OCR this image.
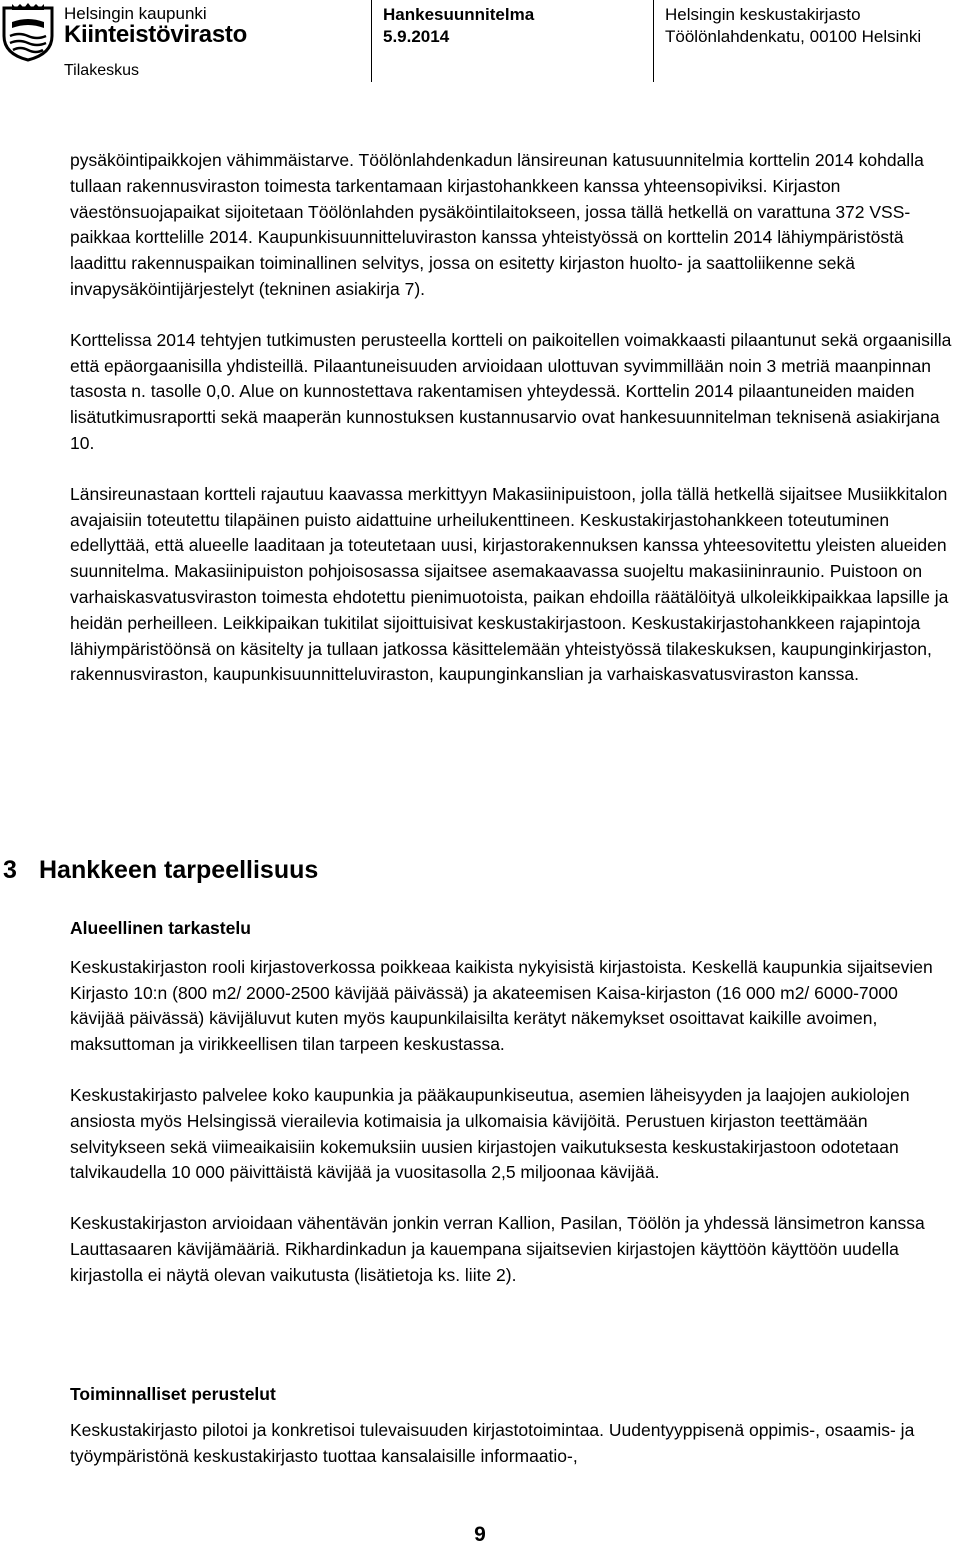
Helsingin kaupunki
Kiinteistövirasto
Tilakeskus
Hankesuunnitelma
5.9.2014
Helsingin keskustakirjasto
Töölönlahdenkatu, 00100 Helsinki

pysäköintipaikkojen vähimmäistarve. Töölönlahdenkadun länsireunan katusuunnitelmia korttelin 2014 kohdalla tullaan rakennusviraston toimesta tarkentamaan kirjastohankkeen kanssa yhteensopiviksi. Kirjaston väestönsuojapaikat sijoitetaan Töölönlahden pysäköintilaitokseen, jossa tällä hetkellä on varattuna 372 VSS-paikkaa korttelille 2014. Kaupunkisuunnitteluviraston kanssa yhteistyössä on korttelin 2014 lähiympäristöstä laadittu rakennuspaikan toiminallinen selvitys, jossa on esitetty kirjaston huolto- ja saattoliikenne sekä invapysäköintijärjestelyt (tekninen asiakirja 7).

Korttelissa 2014 tehtyjen tutkimusten perusteella kortteli on paikoitellen voimakkaasti pilaantunut sekä orgaanisilla että epäorgaanisilla yhdisteillä. Pilaantuneisuuden arvioidaan ulottuvan syvimmillään noin 3 metriä maanpinnan tasosta n. tasolle 0,0. Alue on kunnostettava rakentamisen yhteydessä. Korttelin 2014 pilaantuneiden maiden lisätutkimusraportti sekä maaperän kunnostuksen kustannusarvio ovat hankesuunnitelman teknisenä asiakirjana 10.

Länsireunastaan kortteli rajautuu kaavassa merkittyyn Makasiinipuistoon, jolla tällä hetkellä sijaitsee Musiikkitalon avajaisiin toteutettu tilapäinen puisto aidattuine urheilukenttineen. Keskustakirjastohankkeen toteutuminen edellyttää, että alueelle laaditaan ja toteutetaan uusi, kirjastorakennuksen kanssa yhteesovitettu yleisten alueiden suunnitelma. Makasiinipuiston pohjoisosassa sijaitsee asemakaavassa suojeltu makasiininraunio. Puistoon on varhaiskasvatusviraston toimesta ehdotettu pienimuotoista, paikan ehdoilla räätälöityä ulkoleikkipaikkaa lapsille ja heidän perheilleen. Leikkipaikan tukitilat sijoittuisivat keskustakirjastoon. Keskustakirjastohankkeen rajapintoja lähiympäristöönsä on käsitelty ja tullaan jatkossa käsittelemään yhteistyössä tilakeskuksen, kaupunginkirjaston, rakennusviraston, kaupunkisuunnitteluviraston, kaupunginkanslian ja varhaiskasvatusviraston kanssa.

3 Hankkeen tarpeellisuus
Alueellinen tarkastelu

Keskustakirjaston rooli kirjastoverkossa poikkeaa kaikista nykyisistä kirjastoista. Keskellä kaupunkia sijaitsevien Kirjasto 10:n (800 m2/ 2000-2500 kävijää päivässä) ja akateemisen Kaisa-kirjaston (16 000 m2/ 6000-7000 kävijää päivässä) kävijäluvut kuten myös kaupunkilaisilta kerätyt näkemykset osoittavat kaikille avoimen, maksuttoman ja virikkeellisen tilan tarpeen keskustassa.

Keskustakirjasto palvelee koko kaupunkia ja pääkaupunkiseutua, asemien läheisyyden ja laajojen aukiolojen ansiosta myös Helsingissä vierailevia kotimaisia ja ulkomaisia kävijöitä. Perustuen kirjaston teettämään selvitykseen sekä viimeaikaisiin kokemuksiin uusien kirjastojen vaikutuksesta keskustakirjastoon odotetaan talvikaudella 10 000 päivittäistä kävijää ja vuositasolla 2,5 miljoonaa kävijää.

Keskustakirjaston arvioidaan vähentävän jonkin verran Kallion, Pasilan, Töölön ja yhdessä länsimetron kanssa Lauttasaaren kävijämääriä. Rikhardinkadun ja kauempana sijaitsevien kirjastojen käyttöön käyttöön uudella kirjastolla ei näytä olevan vaikutusta (lisätietoja ks. liite 2).

Toiminnalliset perustelut

Keskustakirjasto pilotoi ja konkretisoi tulevaisuuden kirjastotoimintaa. Uudentyyppisenä oppimis-, osaamis- ja työympäristönä keskustakirjasto tuottaa kansalaisille informaatio-,

9
